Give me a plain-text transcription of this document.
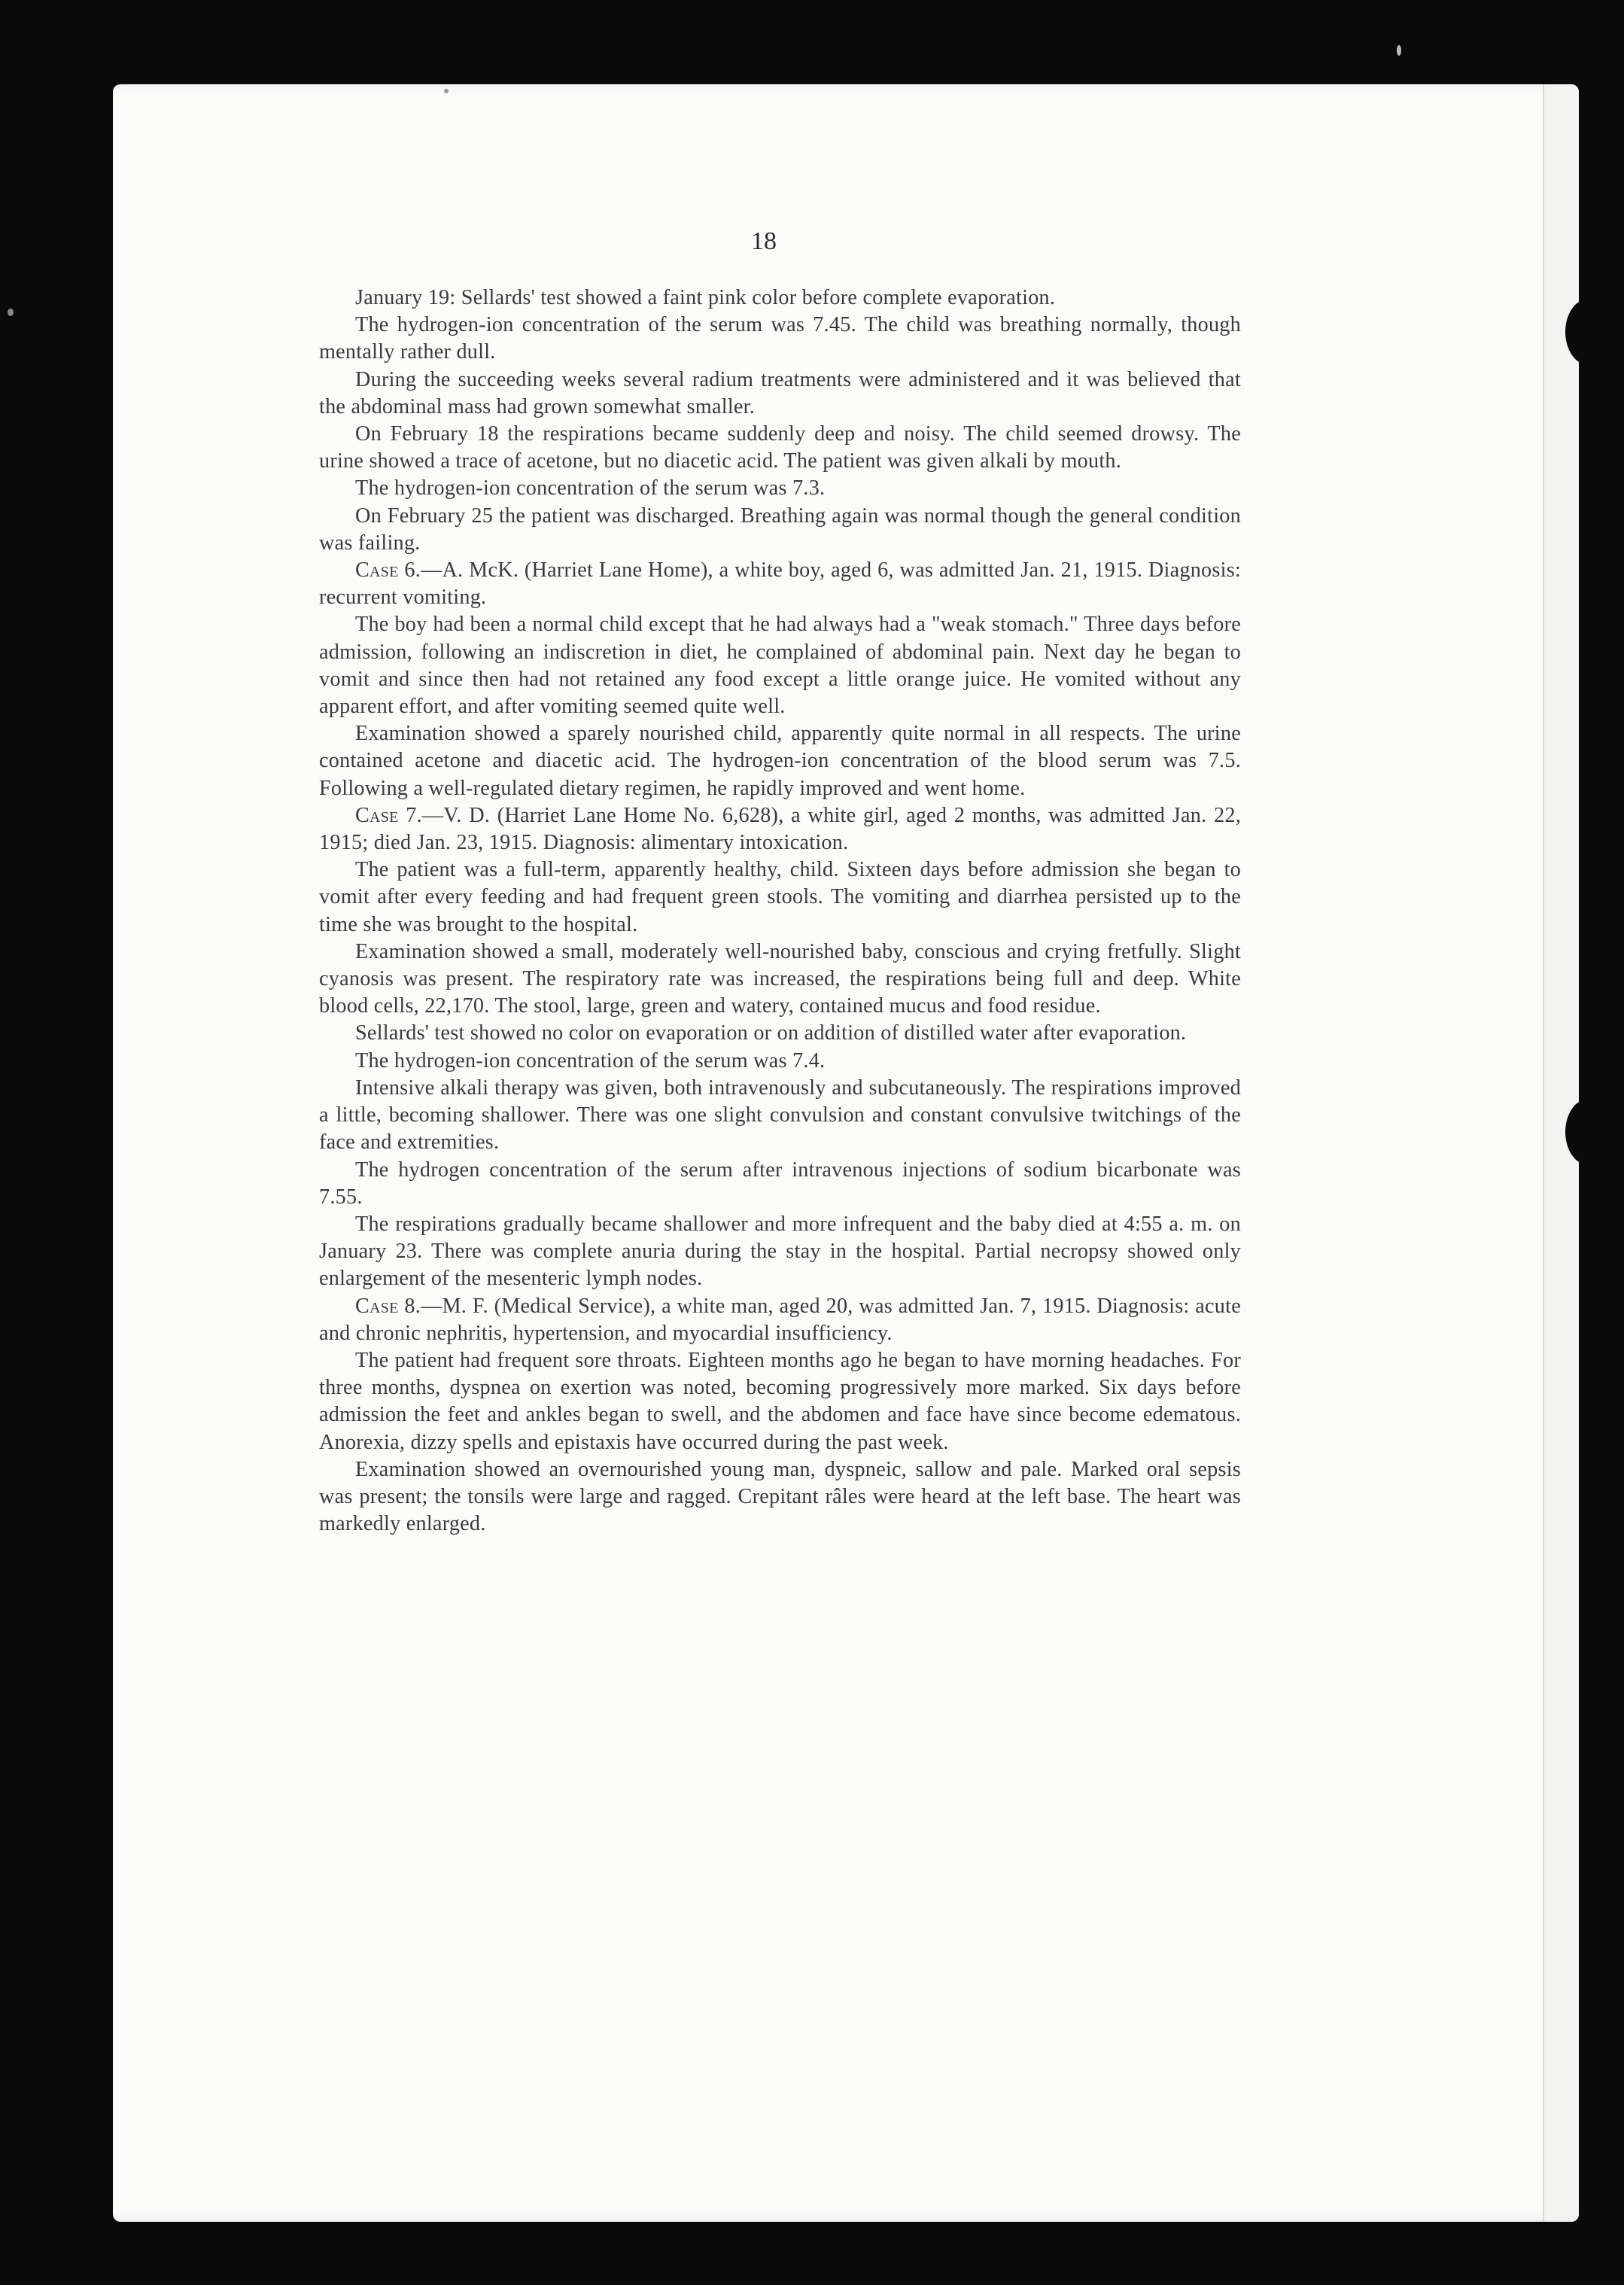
18

January 19: Sellards' test showed a faint pink color before complete evaporation.

The hydrogen-ion concentration of the serum was 7.45. The child was breathing normally, though mentally rather dull.

During the succeeding weeks several radium treatments were administered and it was believed that the abdominal mass had grown somewhat smaller.

On February 18 the respirations became suddenly deep and noisy. The child seemed drowsy. The urine showed a trace of acetone, but no diacetic acid. The patient was given alkali by mouth.

The hydrogen-ion concentration of the serum was 7.3.

On February 25 the patient was discharged. Breathing again was normal though the general condition was failing.

Case 6.—A. McK. (Harriet Lane Home), a white boy, aged 6, was admitted Jan. 21, 1915. Diagnosis: recurrent vomiting.

The boy had been a normal child except that he had always had a "weak stomach." Three days before admission, following an indiscretion in diet, he complained of abdominal pain. Next day he began to vomit and since then had not retained any food except a little orange juice. He vomited without any apparent effort, and after vomiting seemed quite well.

Examination showed a sparely nourished child, apparently quite normal in all respects. The urine contained acetone and diacetic acid. The hydrogen-ion concentration of the blood serum was 7.5. Following a well-regulated dietary regimen, he rapidly improved and went home.

Case 7.—V. D. (Harriet Lane Home No. 6,628), a white girl, aged 2 months, was admitted Jan. 22, 1915; died Jan. 23, 1915. Diagnosis: alimentary intoxication.

The patient was a full-term, apparently healthy, child. Sixteen days before admission she began to vomit after every feeding and had frequent green stools. The vomiting and diarrhea persisted up to the time she was brought to the hospital.

Examination showed a small, moderately well-nourished baby, conscious and crying fretfully. Slight cyanosis was present. The respiratory rate was increased, the respirations being full and deep. White blood cells, 22,170. The stool, large, green and watery, contained mucus and food residue.

Sellards' test showed no color on evaporation or on addition of distilled water after evaporation.

The hydrogen-ion concentration of the serum was 7.4.

Intensive alkali therapy was given, both intravenously and subcutaneously. The respirations improved a little, becoming shallower. There was one slight convulsion and constant convulsive twitchings of the face and extremities.

The hydrogen concentration of the serum after intravenous injections of sodium bicarbonate was 7.55.

The respirations gradually became shallower and more infrequent and the baby died at 4:55 a. m. on January 23. There was complete anuria during the stay in the hospital. Partial necropsy showed only enlargement of the mesenteric lymph nodes.

Case 8.—M. F. (Medical Service), a white man, aged 20, was admitted Jan. 7, 1915. Diagnosis: acute and chronic nephritis, hypertension, and myocardial insufficiency.

The patient had frequent sore throats. Eighteen months ago he began to have morning headaches. For three months, dyspnea on exertion was noted, becoming progressively more marked. Six days before admission the feet and ankles began to swell, and the abdomen and face have since become edematous. Anorexia, dizzy spells and epistaxis have occurred during the past week.

Examination showed an overnourished young man, dyspneic, sallow and pale. Marked oral sepsis was present; the tonsils were large and ragged. Crepitant râles were heard at the left base. The heart was markedly enlarged.
